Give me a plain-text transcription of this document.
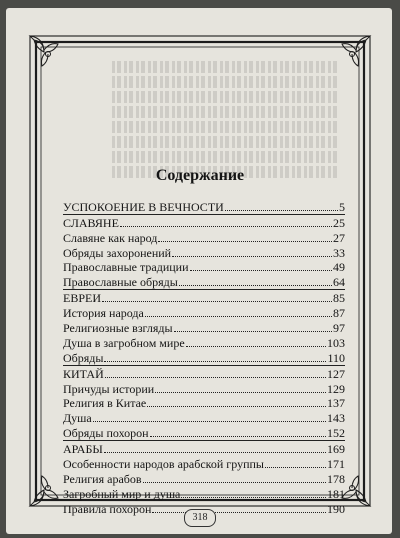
Содержание
УСПОКОЕНИЕ В ВЕЧНОСТИ	5
СЛАВЯНЕ	25
Славяне как народ	27
Обряды захоронений	33
Православные традиции	49
Православные обряды	64
ЕВРЕИ	85
История народа	87
Религиозные взгляды	97
Душа в загробном мире	103
Обряды	110
КИТАЙ	127
Причуды истории	129
Религия в Китае	137
Душа	143
Обряды похорон	152
АРАБЫ	169
Особенности народов арабской группы	171
Религия арабов	178
Загробный мир и душа	181
Правила похорон	190
318
